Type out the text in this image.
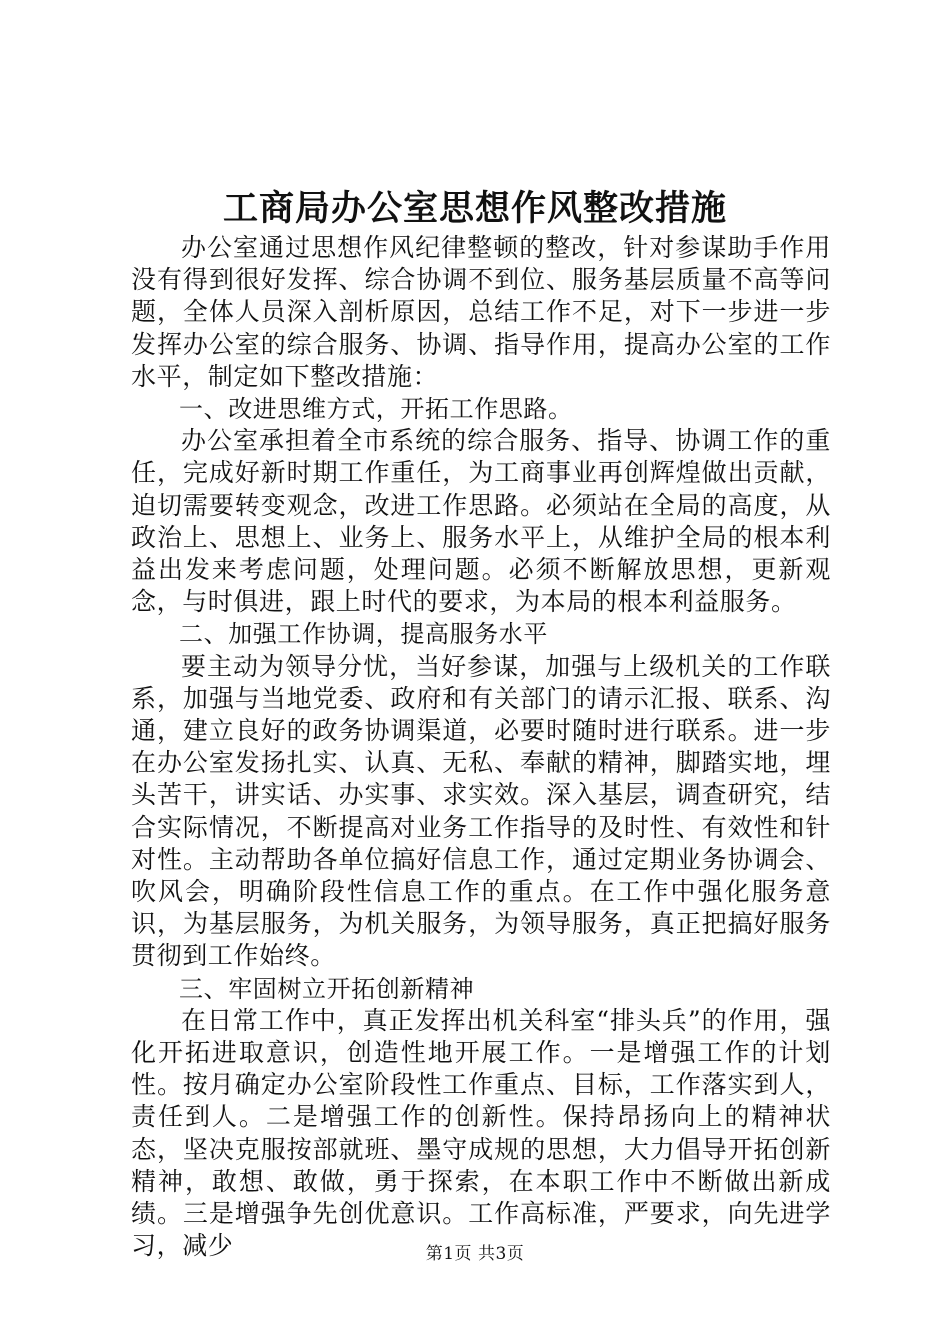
工商局办公室思想作风整改措施

办公室通过思想作风纪律整顿的整改，针对参谋助手作用没有得到很好发挥、综合协调不到位、服务基层质量不高等问题，全体人员深入剖析原因，总结工作不足，对下一步进一步发挥办公室的综合服务、协调、指导作用，提高办公室的工作水平，制定如下整改措施：

一、改进思维方式，开拓工作思路。

办公室承担着全市系统的综合服务、指导、协调工作的重任，完成好新时期工作重任，为工商事业再创辉煌做出贡献，迫切需要转变观念，改进工作思路。必须站在全局的高度，从政治上、思想上、业务上、服务水平上，从维护全局的根本利益出发来考虑问题，处理问题。必须不断解放思想，更新观念，与时俱进，跟上时代的要求，为本局的根本利益服务。

二、加强工作协调，提高服务水平

要主动为领导分忧，当好参谋，加强与上级机关的工作联系，加强与当地党委、政府和有关部门的请示汇报、联系、沟通，建立良好的政务协调渠道，必要时随时进行联系。进一步在办公室发扬扎实、认真、无私、奉献的精神，脚踏实地，埋头苦干，讲实话、办实事、求实效。深入基层，调查研究，结合实际情况，不断提高对业务工作指导的及时性、有效性和针对性。主动帮助各单位搞好信息工作，通过定期业务协调会、吹风会，明确阶段性信息工作的重点。在工作中强化服务意识，为基层服务，为机关服务，为领导服务，真正把搞好服务贯彻到工作始终。

三、牢固树立开拓创新精神

在日常工作中，真正发挥出机关科室“排头兵”的作用，强化开拓进取意识，创造性地开展工作。一是增强工作的计划性。按月确定办公室阶段性工作重点、目标，工作落实到人，责任到人。二是增强工作的创新性。保持昂扬向上的精神状态，坚决克服按部就班、墨守成规的思想，大力倡导开拓创新精神，敢想、敢做，勇于探索，在本职工作中不断做出新成绩。三是增强争先创优意识。工作高标准，严要求，向先进学习，减少	第1页 共3页
